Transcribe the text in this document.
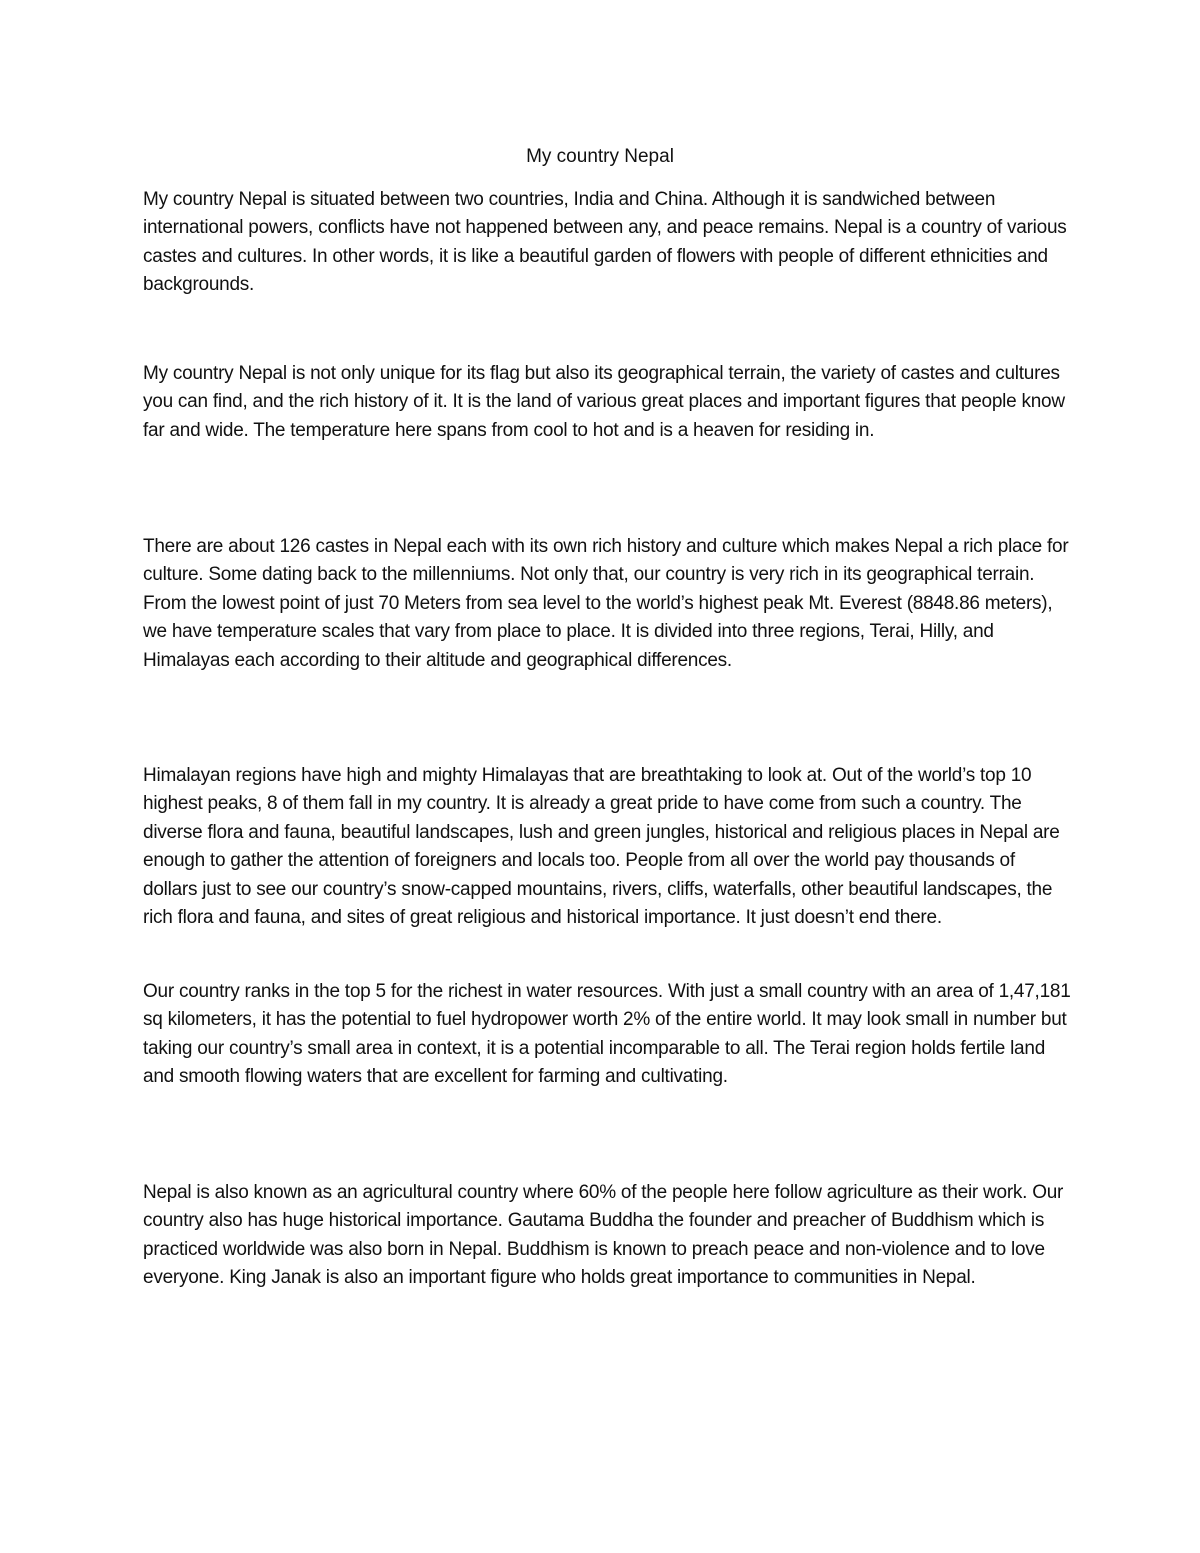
My country Nepal

My country Nepal is situated between two countries, India and China. Although it is sandwiched between international powers, conflicts have not happened between any, and peace remains. Nepal is a country of various castes and cultures. In other words, it is like a beautiful garden of flowers with people of different ethnicities and backgrounds.

My country Nepal is not only unique for its flag but also its geographical terrain, the variety of castes and cultures you can find, and the rich history of it. It is the land of various great places and important figures that people know far and wide. The temperature here spans from cool to hot and is a heaven for residing in.

There are about 126 castes in Nepal each with its own rich history and culture which makes Nepal a rich place for culture. Some dating back to the millenniums. Not only that, our country is very rich in its geographical terrain. From the lowest point of just 70 Meters from sea level to the world’s highest peak Mt. Everest (8848.86 meters), we have temperature scales that vary from place to place. It is divided into three regions, Terai, Hilly, and Himalayas each according to their altitude and geographical differences.

Himalayan regions have high and mighty Himalayas that are breathtaking to look at. Out of the world’s top 10 highest peaks, 8 of them fall in my country. It is already a great pride to have come from such a country. The diverse flora and fauna, beautiful landscapes, lush and green jungles, historical and religious places in Nepal are enough to gather the attention of foreigners and locals too. People from all over the world pay thousands of dollars just to see our country’s snow-capped mountains, rivers, cliffs, waterfalls, other beautiful landscapes, the rich flora and fauna, and sites of great religious and historical importance. It just doesn’t end there.

Our country ranks in the top 5 for the richest in water resources. With just a small country with an area of 1,47,181 sq kilometers, it has the potential to fuel hydropower worth 2% of the entire world. It may look small in number but taking our country’s small area in context, it is a potential incomparable to all. The Terai region holds fertile land and smooth flowing waters that are excellent for farming and cultivating.

Nepal is also known as an agricultural country where 60% of the people here follow agriculture as their work. Our country also has huge historical importance. Gautama Buddha the founder and preacher of Buddhism which is practiced worldwide was also born in Nepal. Buddhism is known to preach peace and non-violence and to love everyone. King Janak is also an important figure who holds great importance to communities in Nepal.
